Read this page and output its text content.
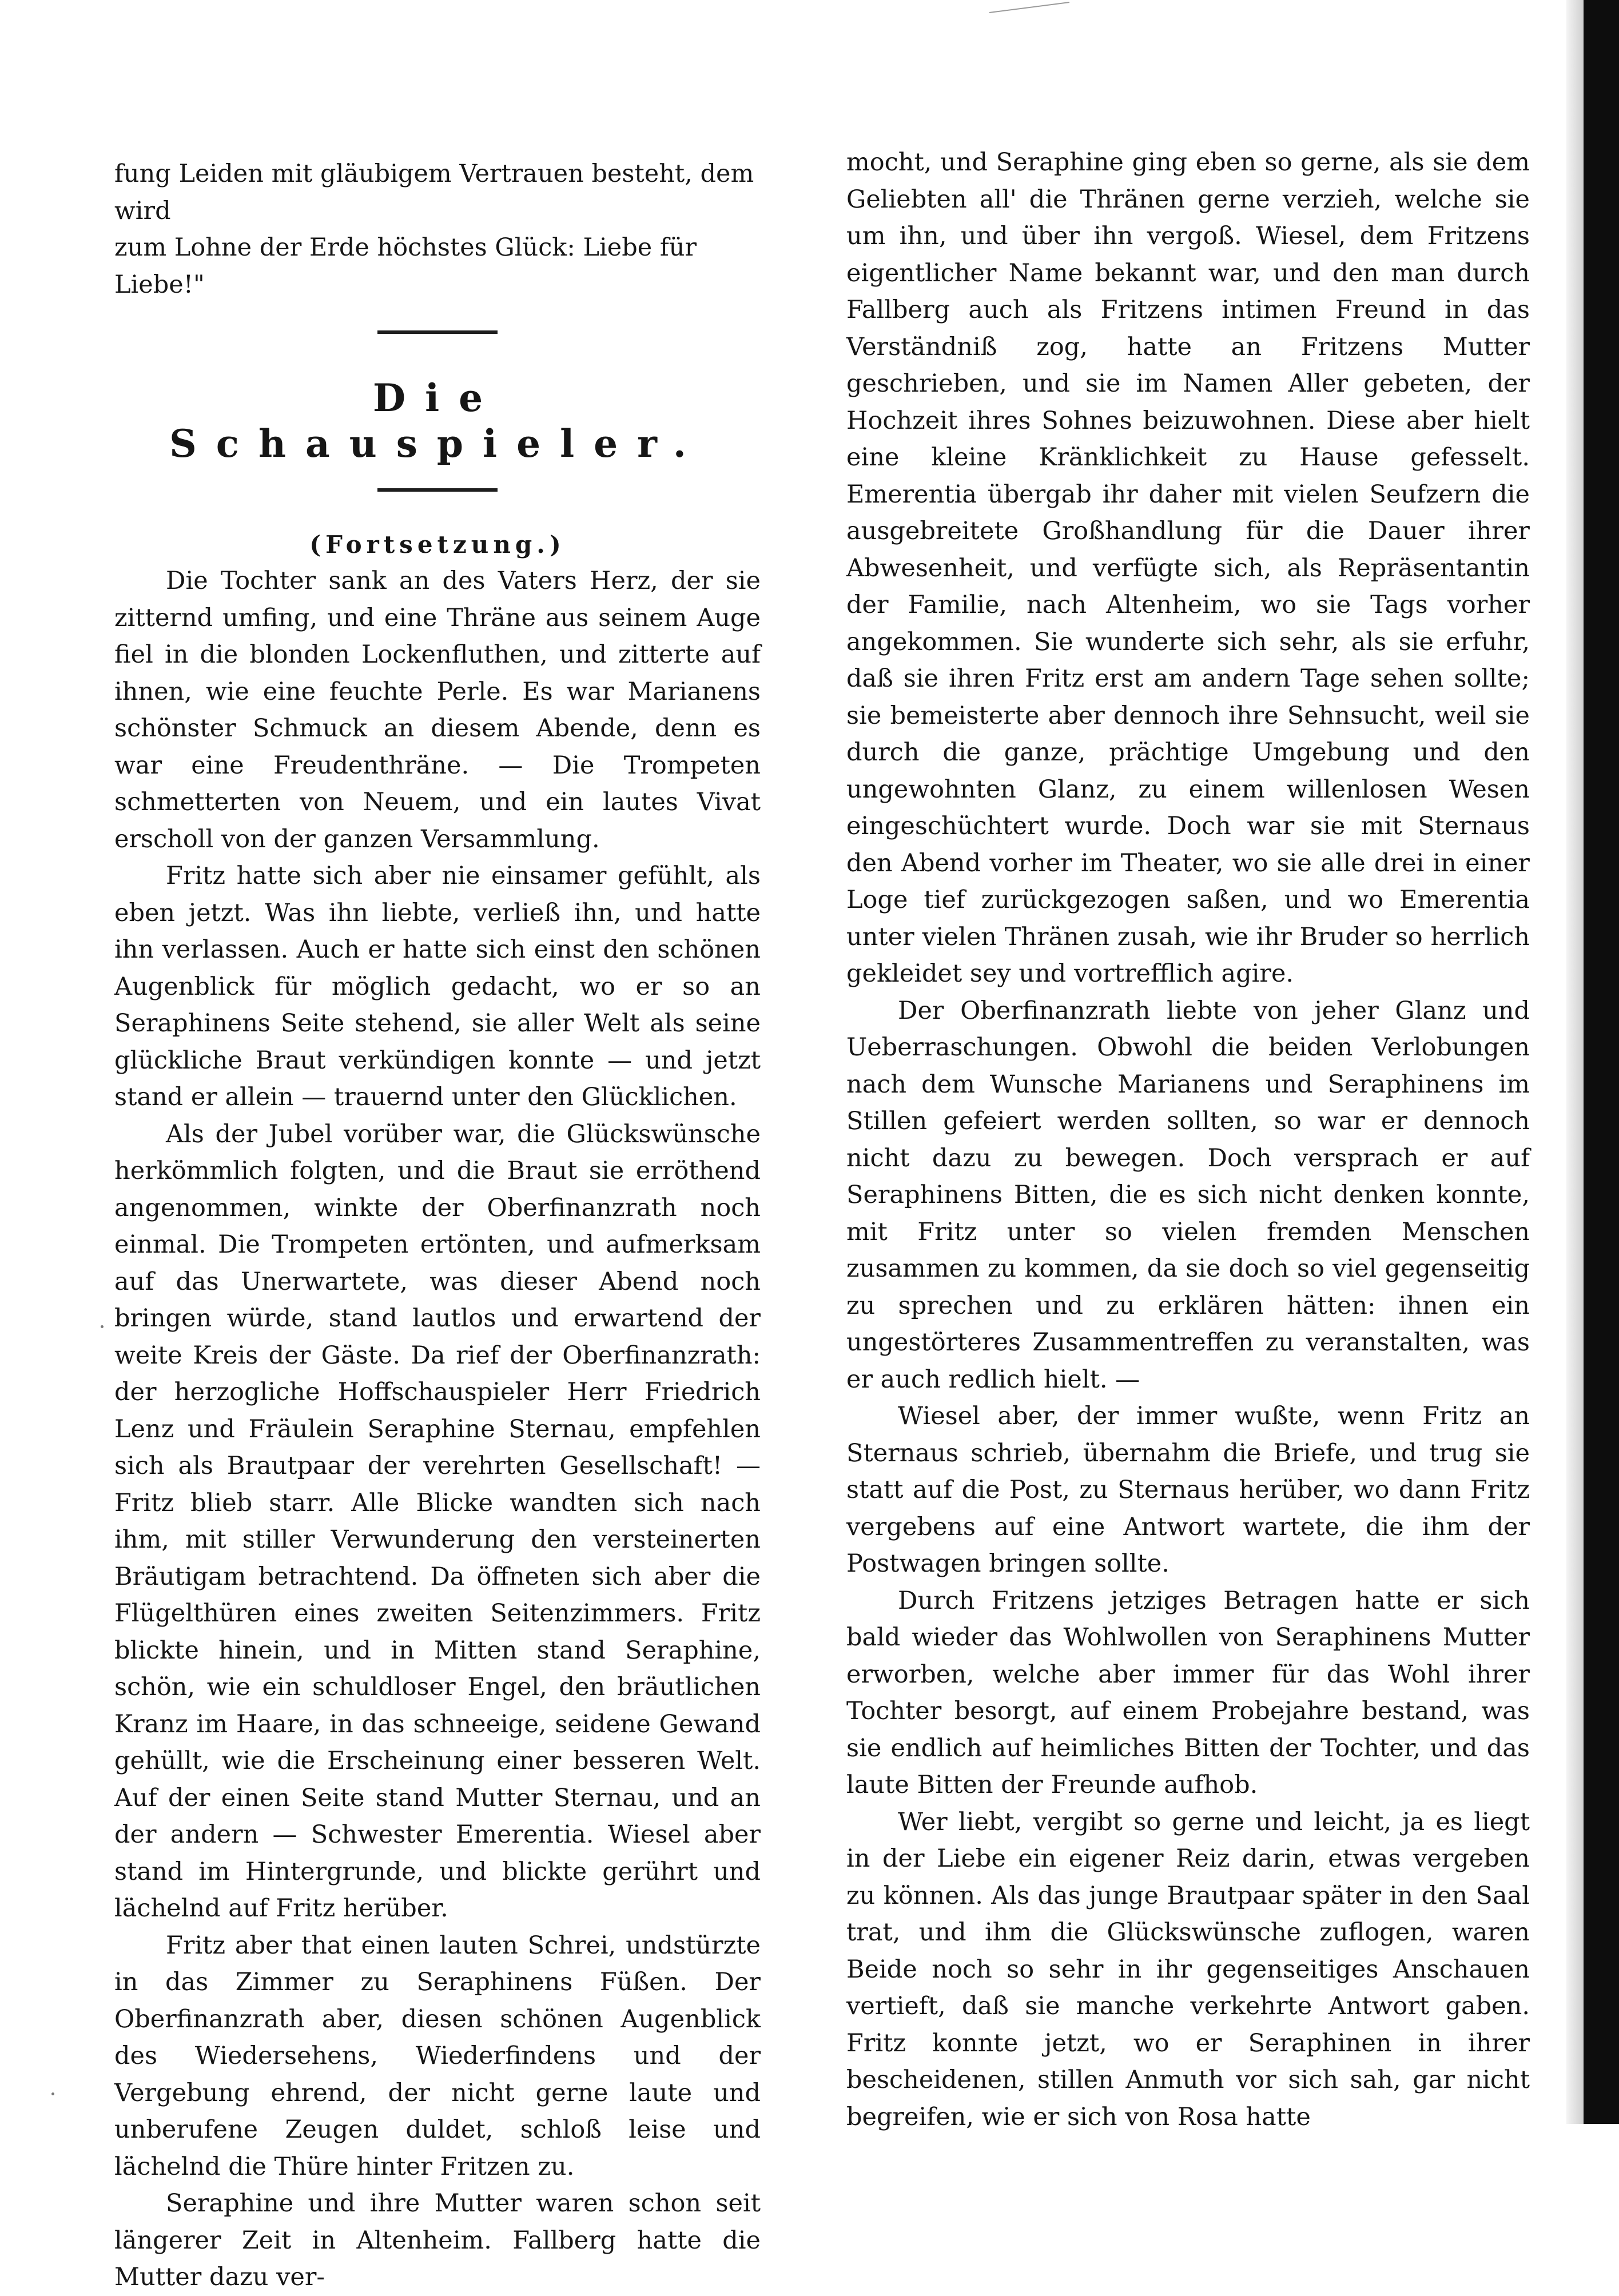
fung Leiden mit gläubigem Vertrauen besteht, dem wird

zum Lohne der Erde höchstes Glück: Liebe für Liebe!"

Die Schauspieler.
(Fortsetzung.)

Die Tochter sank an des Vaters Herz, der sie zitternd umfing, und eine Thräne aus seinem Auge fiel in die blonden Lockenfluthen, und zitterte auf ihnen, wie eine feuchte Perle. Es war Marianens schönster Schmuck an diesem Abende, denn es war eine Freudenthräne. — Die Trompeten schmetterten von Neuem, und ein lautes Vivat erscholl von der ganzen Versammlung.

Fritz hatte sich aber nie einsamer gefühlt, als eben jetzt. Was ihn liebte, verließ ihn, und hatte ihn verlassen. Auch er hatte sich einst den schönen Augenblick für möglich gedacht, wo er so an Seraphinens Seite stehend, sie aller Welt als seine glückliche Braut verkündigen konnte — und jetzt stand er allein — trauernd unter den Glücklichen.

Als der Jubel vorüber war, die Glückswünsche herkömmlich folgten, und die Braut sie erröthend angenommen, winkte der Oberfinanzrath noch einmal. Die Trompeten ertönten, und aufmerksam auf das Unerwartete, was dieser Abend noch bringen würde, stand lautlos und erwartend der weite Kreis der Gäste. Da rief der Oberfinanzrath: der herzogliche Hoffschauspieler Herr Friedrich Lenz und Fräulein Seraphine Sternau, empfehlen sich als Brautpaar der verehrten Gesellschaft! — Fritz blieb starr. Alle Blicke wandten sich nach ihm, mit stiller Verwunderung den versteinerten Bräutigam betrachtend. Da öffneten sich aber die Flügelthüren eines zweiten Seitenzimmers. Fritz blickte hinein, und in Mitten stand Seraphine, schön, wie ein schuldloser Engel, den bräutlichen Kranz im Haare, in das schneeige, seidene Gewand gehüllt, wie die Erscheinung einer besseren Welt. Auf der einen Seite stand Mutter Sternau, und an der andern — Schwester Emerentia. Wiesel aber stand im Hintergrunde, und blickte gerührt und lächelnd auf Fritz herüber.

Fritz aber that einen lauten Schrei, undstürzte in das Zimmer zu Seraphinens Füßen. Der Oberfinanzrath aber, diesen schönen Augenblick des Wiedersehens, Wiederfindens und der Vergebung ehrend, der nicht gerne laute und unberufene Zeugen duldet, schloß leise und lächelnd die Thüre hinter Fritzen zu.

Seraphine und ihre Mutter waren schon seit längerer Zeit in Altenheim. Fallberg hatte die Mutter dazu ver-

mocht, und Seraphine ging eben so gerne, als sie dem Geliebten all' die Thränen gerne verzieh, welche sie um ihn, und über ihn vergoß. Wiesel, dem Fritzens eigentlicher Name bekannt war, und den man durch Fallberg auch als Fritzens intimen Freund in das Verständniß zog, hatte an Fritzens Mutter geschrieben, und sie im Namen Aller gebeten, der Hochzeit ihres Sohnes beizuwohnen. Diese aber hielt eine kleine Kränklichkeit zu Hause gefesselt. Emerentia übergab ihr daher mit vielen Seufzern die ausgebreitete Großhandlung für die Dauer ihrer Abwesenheit, und verfügte sich, als Repräsentantin der Familie, nach Altenheim, wo sie Tags vorher angekommen. Sie wunderte sich sehr, als sie erfuhr, daß sie ihren Fritz erst am andern Tage sehen sollte; sie bemeisterte aber dennoch ihre Sehnsucht, weil sie durch die ganze, prächtige Umgebung und den ungewohnten Glanz, zu einem willenlosen Wesen eingeschüchtert wurde. Doch war sie mit Sternaus den Abend vorher im Theater, wo sie alle drei in einer Loge tief zurückgezogen saßen, und wo Emerentia unter vielen Thränen zusah, wie ihr Bruder so herrlich gekleidet sey und vortrefflich agire.

Der Oberfinanzrath liebte von jeher Glanz und Ueberraschungen. Obwohl die beiden Verlobungen nach dem Wunsche Marianens und Seraphinens im Stillen gefeiert werden sollten, so war er dennoch nicht dazu zu bewegen. Doch versprach er auf Seraphinens Bitten, die es sich nicht denken konnte, mit Fritz unter so vielen fremden Menschen zusammen zu kommen, da sie doch so viel gegenseitig zu sprechen und zu erklären hätten: ihnen ein ungestörteres Zusammentreffen zu veranstalten, was er auch redlich hielt. —

Wiesel aber, der immer wußte, wenn Fritz an Sternaus schrieb, übernahm die Briefe, und trug sie statt auf die Post, zu Sternaus herüber, wo dann Fritz vergebens auf eine Antwort wartete, die ihm der Postwagen bringen sollte.

Durch Fritzens jetziges Betragen hatte er sich bald wieder das Wohlwollen von Seraphinens Mutter erworben, welche aber immer für das Wohl ihrer Tochter besorgt, auf einem Probejahre bestand, was sie endlich auf heimliches Bitten der Tochter, und das laute Bitten der Freunde aufhob.

Wer liebt, vergibt so gerne und leicht, ja es liegt in der Liebe ein eigener Reiz darin, etwas vergeben zu können. Als das junge Brautpaar später in den Saal trat, und ihm die Glückswünsche zuflogen, waren Beide noch so sehr in ihr gegenseitiges Anschauen vertieft, daß sie manche verkehrte Antwort gaben. Fritz konnte jetzt, wo er Seraphinen in ihrer bescheidenen, stillen Anmuth vor sich sah, gar nicht begreifen, wie er sich von Rosa hatte
